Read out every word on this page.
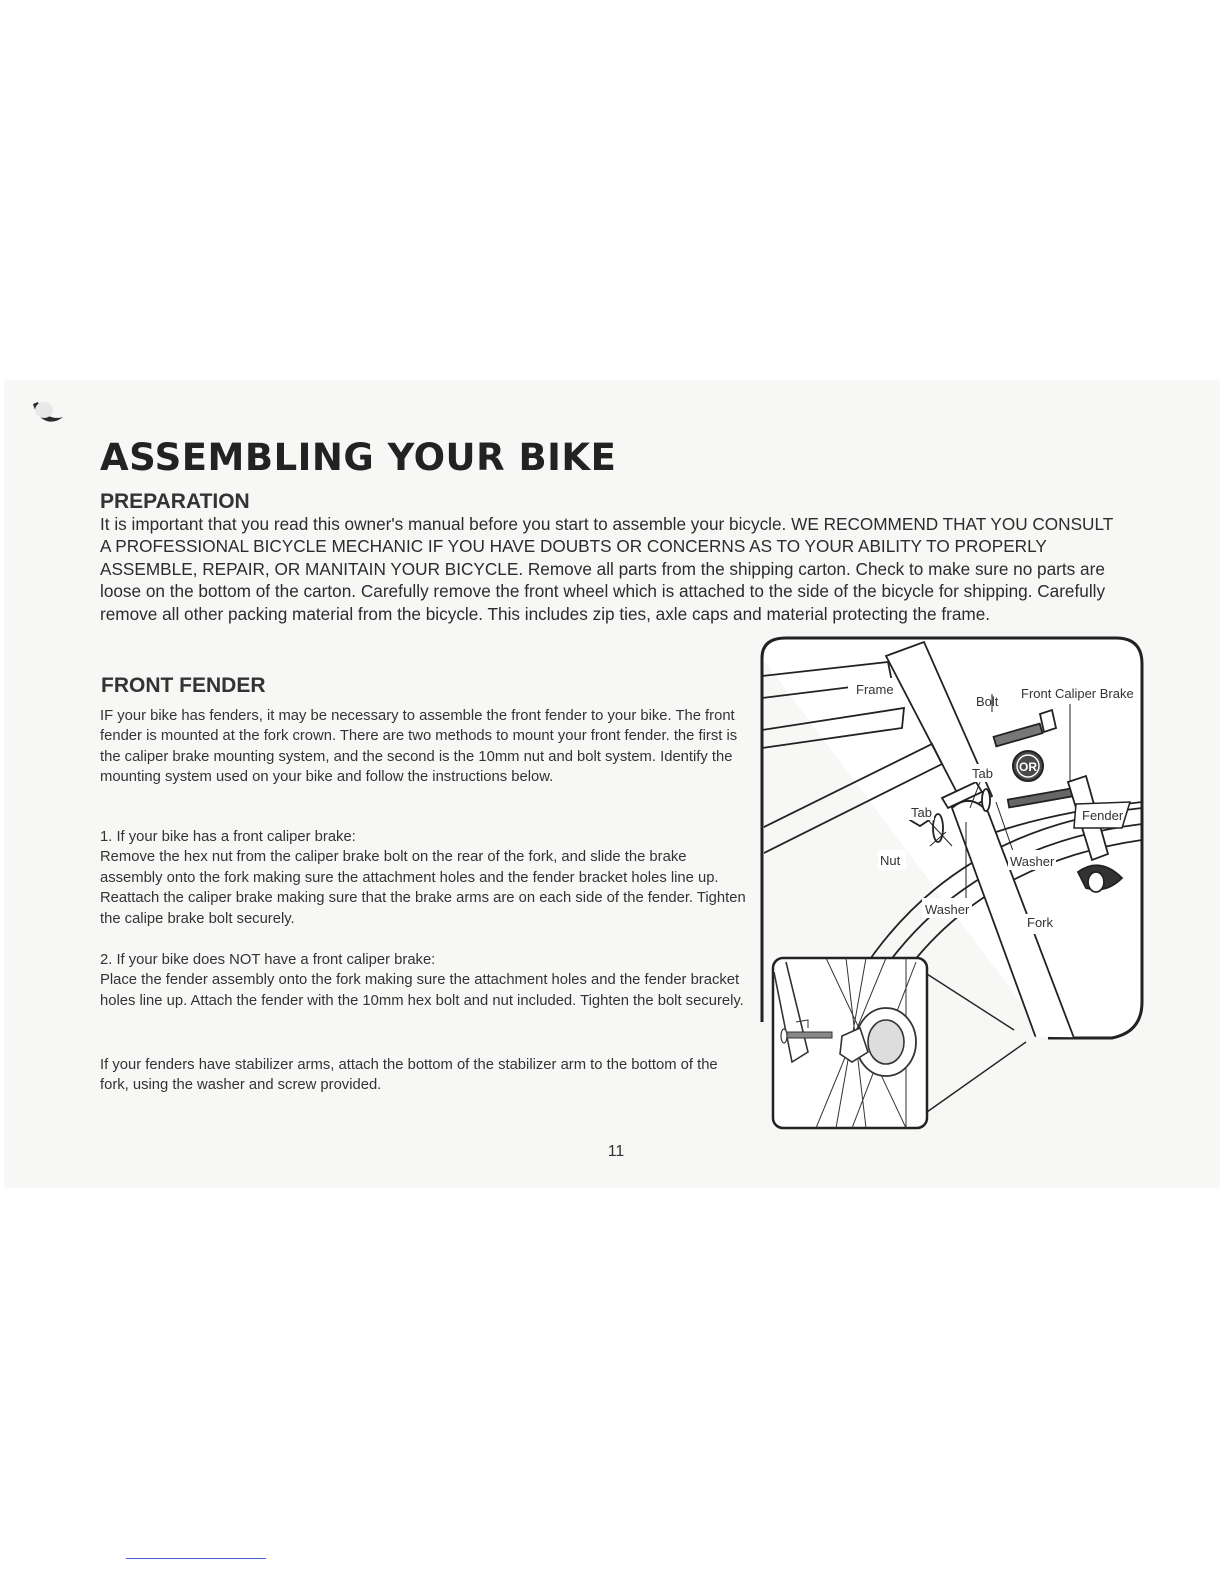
ASSEMBLING YOUR BIKE
PREPARATION

It is important that you read this owner's manual before you start to assemble your bicycle. WE RECOMMEND THAT YOU CONSULT A PROFESSIONAL BICYCLE MECHANIC IF YOU HAVE DOUBTS OR CONCERNS AS TO YOUR ABILITY TO PROPERLY ASSEMBLE, REPAIR, OR MANITAIN YOUR BICYCLE. Remove all parts from the shipping carton. Check to make sure no parts are loose on the bottom of the carton. Carefully remove the front wheel which is attached to the side of the bicycle for shipping. Carefully remove all other packing material from the bicycle. This includes zip ties, axle caps and material protecting the frame.

FRONT FENDER

IF your bike has fenders, it may be necessary to assemble the front fender to your bike. The front fender is mounted at the fork crown. There are two methods to mount your front fender. the first is the caliper brake mounting system, and the second is the 10mm nut and bolt system. Identify the mounting system used on your bike and follow the instructions below.

1. If your bike has a front caliper brake:
Remove the hex nut from the caliper brake bolt on the rear of the fork, and slide the brake assembly onto the fork making sure the attachment holes and the fender bracket holes line up. Reattach the caliper brake making sure that the brake arms are on each side of the fender. Tighten the calipe brake bolt securely.
2. If your bike does NOT have a front caliper brake:
Place the fender assembly onto the fork making sure the attachment holes and the fender bracket holes line up. Attach the fender with the 10mm hex bolt and nut included. Tighten the bolt securely.

If your fenders have stabilizer arms, attach the bottom of the stabilizer arm to the bottom of the fork, using the washer and screw provided.

OR
Frame
Bolt
Front Caliper Brake
Tab
Tab	Fender
Nut	Washer
Washer
Fork

11
